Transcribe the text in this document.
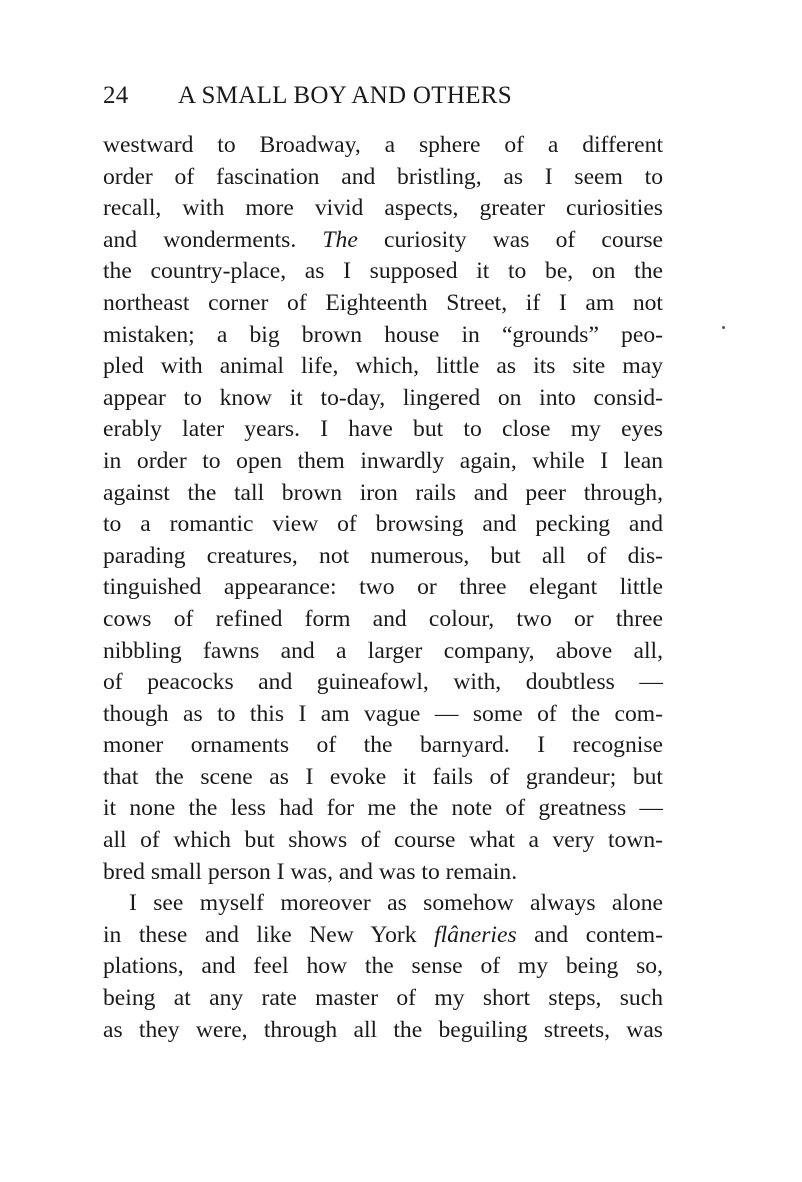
24 A SMALL BOY AND OTHERS
westward to Broadway, a sphere of a different
order of fascination and bristling, as I seem to
recall, with more vivid aspects, greater curiosities
and wonderments. The curiosity was of course
the country-place, as I supposed it to be, on the
northeast corner of Eighteenth Street, if I am not
mistaken; a big brown house in “grounds” peo-
pled with animal life, which, little as its site may
appear to know it to-day, lingered on into consid-
erably later years. I have but to close my eyes
in order to open them inwardly again, while I lean
against the tall brown iron rails and peer through,
to a romantic view of browsing and pecking and
parading creatures, not numerous, but all of dis-
tinguished appearance: two or three elegant little
cows of refined form and colour, two or three
nibbling fawns and a larger company, above all,
of peacocks and guineafowl, with, doubtless —
though as to this I am vague — some of the com-
moner ornaments of the barnyard. I recognise
that the scene as I evoke it fails of grandeur; but
it none the less had for me the note of greatness —
all of which but shows of course what a very town-
bred small person I was, and was to remain.
I see myself moreover as somehow always alone
in these and like New York flâneries and contem-
plations, and feel how the sense of my being so,
being at any rate master of my short steps, such
as they were, through all the beguiling streets, was
